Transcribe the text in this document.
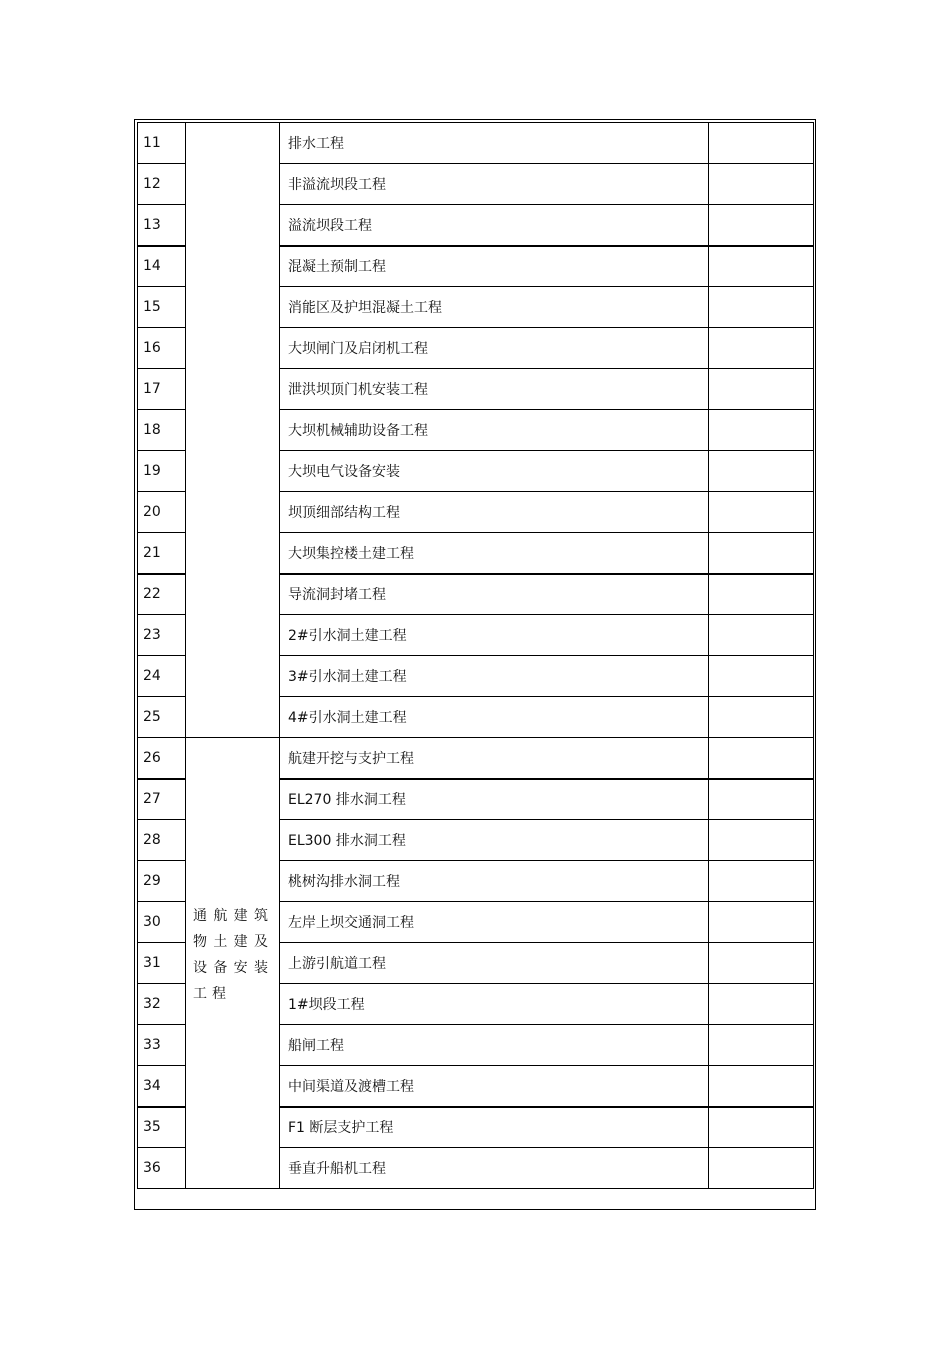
11		排水工程	
12		非溢流坝段工程	
13		溢流坝段工程	
14		混凝土预制工程	
15		消能区及护坦混凝土工程	
16		大坝闸门及启闭机工程	
17		泄洪坝顶门机安装工程	
18		大坝机械辅助设备工程	
19		大坝电气设备安装	
20		坝顶细部结构工程	
21		大坝集控楼土建工程	
22		导流洞封堵工程	
23		2#引水洞土建工程	
24		3#引水洞土建工程	
25		4#引水洞土建工程	
26	通航建筑物土建及设备安装工程	航建开挖与支护工程	
27		EL270 排水洞工程	
28		EL300 排水洞工程	
29		桃树沟排水洞工程	
30		左岸上坝交通洞工程	
31		上游引航道工程	
32		1#坝段工程	
33		船闸工程	
34		中间渠道及渡槽工程	
35		F1 断层支护工程	
36		垂直升船机工程	
